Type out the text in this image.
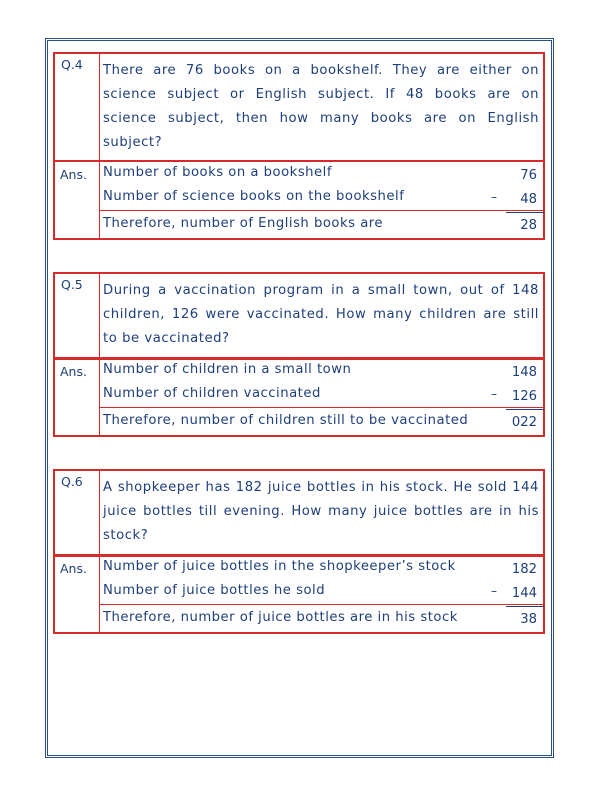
Q.4 There are 76 books on a bookshelf. They are either on science subject or English subject. If 48 books are on science subject, then how many books are on English subject?
Ans. Number of books on a bookshelf
Number of science books on the bookshelf
Therefore, number of English books are
76
– 48
28
Q.5 During a vaccination program in a small town, out of 148 children, 126 were vaccinated. How many children are still to be vaccinated?
Ans. Number of children in a small town
Number of children vaccinated
Therefore, number of children still to be vaccinated
148
– 126
022
Q.6 A shopkeeper has 182 juice bottles in his stock. He sold 144 juice bottles till evening. How many juice bottles are in his stock?
Ans. Number of juice bottles in the shopkeeper’s stock
Number of juice bottles he sold
Therefore, number of juice bottles are in his stock
182
– 144
38
